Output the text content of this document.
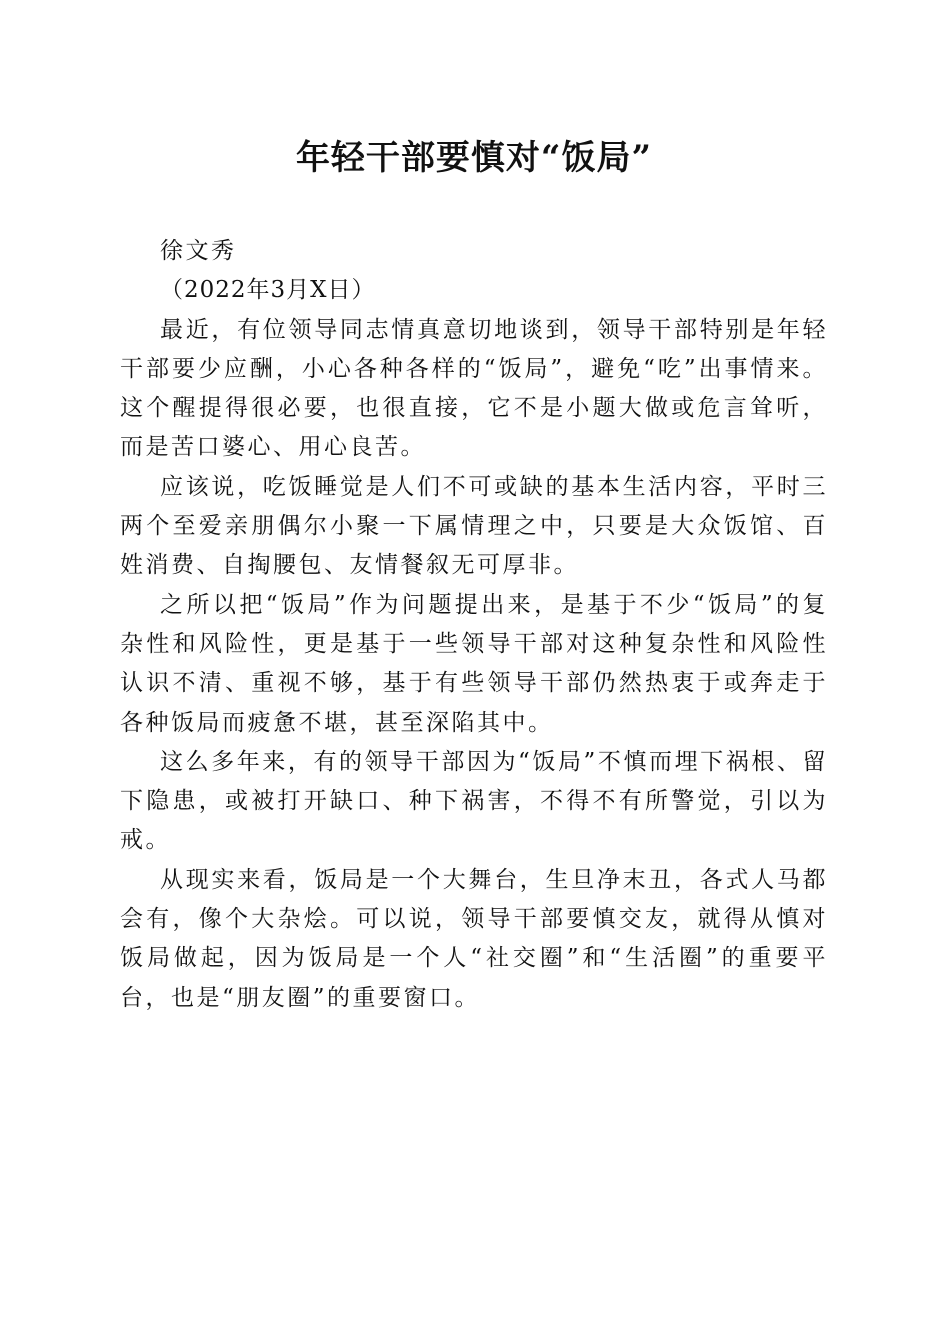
年轻干部要慎对“饭局”

徐文秀

（2022年3月X日）

最近，有位领导同志情真意切地谈到，领导干部特别是年轻干部要少应酬，小心各种各样的“饭局”，避免“吃”出事情来。这个醒提得很必要，也很直接，它不是小题大做或危言耸听，而是苦口婆心、用心良苦。

应该说，吃饭睡觉是人们不可或缺的基本生活内容，平时三两个至爱亲朋偶尔小聚一下属情理之中，只要是大众饭馆、百姓消费、自掏腰包、友情餐叙无可厚非。

之所以把“饭局”作为问题提出来，是基于不少“饭局”的复杂性和风险性，更是基于一些领导干部对这种复杂性和风险性认识不清、重视不够，基于有些领导干部仍然热衷于或奔走于各种饭局而疲惫不堪，甚至深陷其中。

这么多年来，有的领导干部因为“饭局”不慎而埋下祸根、留下隐患，或被打开缺口、种下祸害，不得不有所警觉，引以为戒。

从现实来看，饭局是一个大舞台，生旦净末丑，各式人马都会有，像个大杂烩。可以说，领导干部要慎交友，就得从慎对饭局做起，因为饭局是一个人“社交圈”和“生活圈”的重要平台，也是“朋友圈”的重要窗口。
